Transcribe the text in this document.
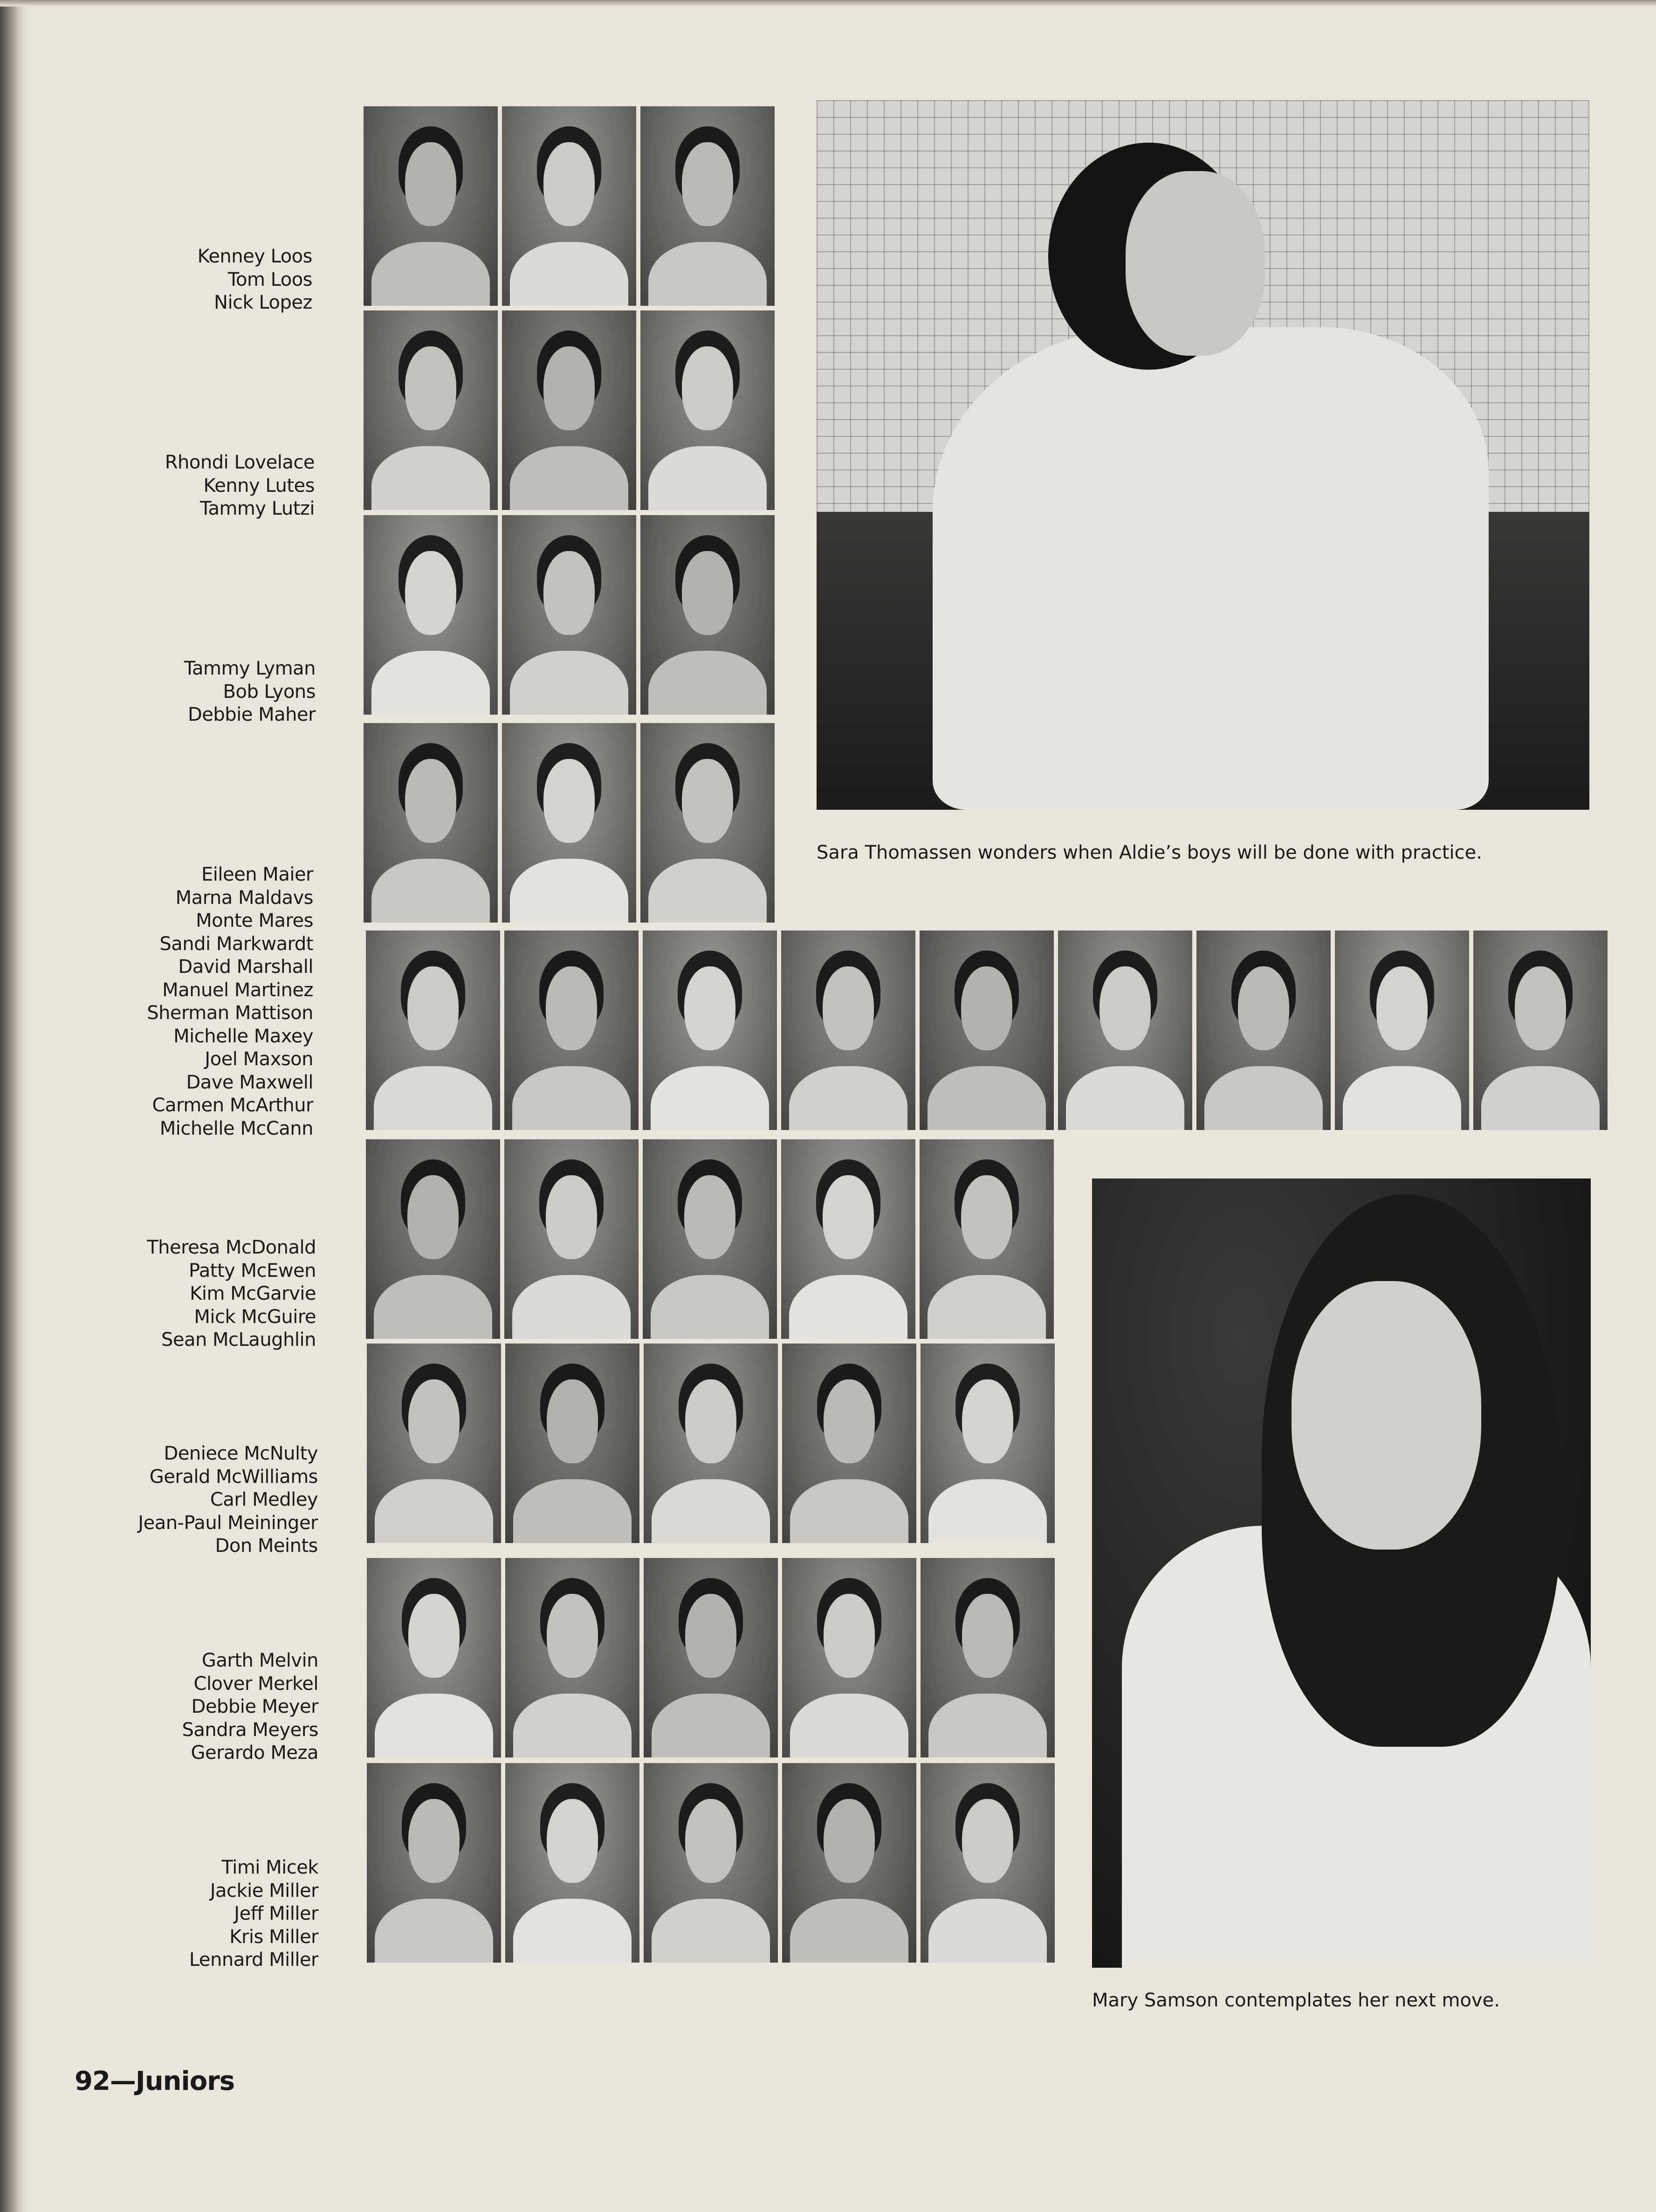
Kenney Loos
Tom Loos
Nick Lopez
Rhondi Lovelace
Kenny Lutes
Tammy Lutzi
Tammy Lyman
Bob Lyons
Debbie Maher
Eileen Maier
Marna Maldavs
Monte Mares
Sandi Markwardt
David Marshall
Manuel Martinez
Sherman Mattison
Michelle Maxey
Joel Maxson
Dave Maxwell
Carmen McArthur
Michelle McCann
Theresa McDonald
Patty McEwen
Kim McGarvie
Mick McGuire
Sean McLaughlin
Deniece McNulty
Gerald McWilliams
Carl Medley
Jean-Paul Meininger
Don Meints
Garth Melvin
Clover Merkel
Debbie Meyer
Sandra Meyers
Gerardo Meza
Timi Micek
Jackie Miller
Jeff Miller
Kris Miller
Lennard Miller
Sara Thomassen wonders when Aldie’s boys will be done with practice.
Mary Samson contemplates her next move.
92—Juniors
